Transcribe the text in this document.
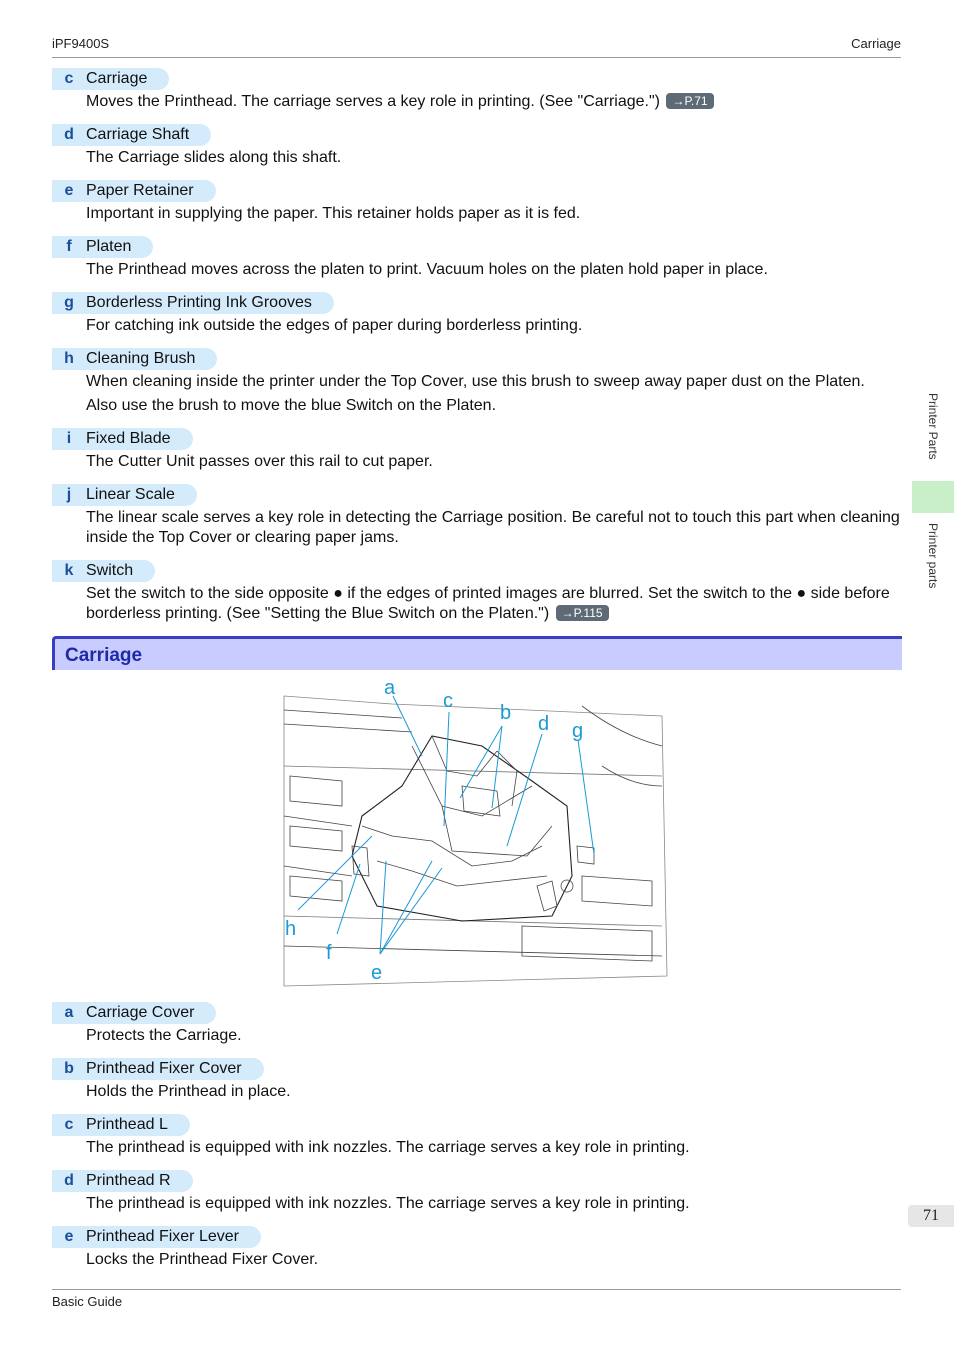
iPF9400S	Carriage
c Carriage

Moves the Printhead. The carriage serves a key role in printing. (See "Carriage.") →P.71

d Carriage Shaft

The Carriage slides along this shaft.

e Paper Retainer

Important in supplying the paper. This retainer holds paper as it is fed.

f Platen

The Printhead moves across the platen to print. Vacuum holes on the platen hold paper in place.

g Borderless Printing Ink Grooves

For catching ink outside the edges of paper during borderless printing.

h Cleaning Brush

When cleaning inside the printer under the Top Cover, use this brush to sweep away paper dust on the Platen.

Also use the brush to move the blue Switch on the Platen.

i Fixed Blade

The Cutter Unit passes over this rail to cut paper.

j Linear Scale

The linear scale serves a key role in detecting the Carriage position. Be careful not to touch this part when cleaning inside the Top Cover or clearing paper jams.

k Switch

Set the switch to the side opposite ● if the edges of printed images are blurred. Set the switch to the ● side before borderless printing. (See "Setting the Blue Switch on the Platen.") →P.115

Carriage
a
c
b d g
h
f
e
a Carriage Cover

Protects the Carriage.

b Printhead Fixer Cover

Holds the Printhead in place.

c Printhead L

The printhead is equipped with ink nozzles. The carriage serves a key role in printing.

d Printhead R

The printhead is equipped with ink nozzles. The carriage serves a key role in printing.

e Printhead Fixer Lever

Locks the Printhead Fixer Cover.

Printer Parts
Printer parts
71
Basic Guide
